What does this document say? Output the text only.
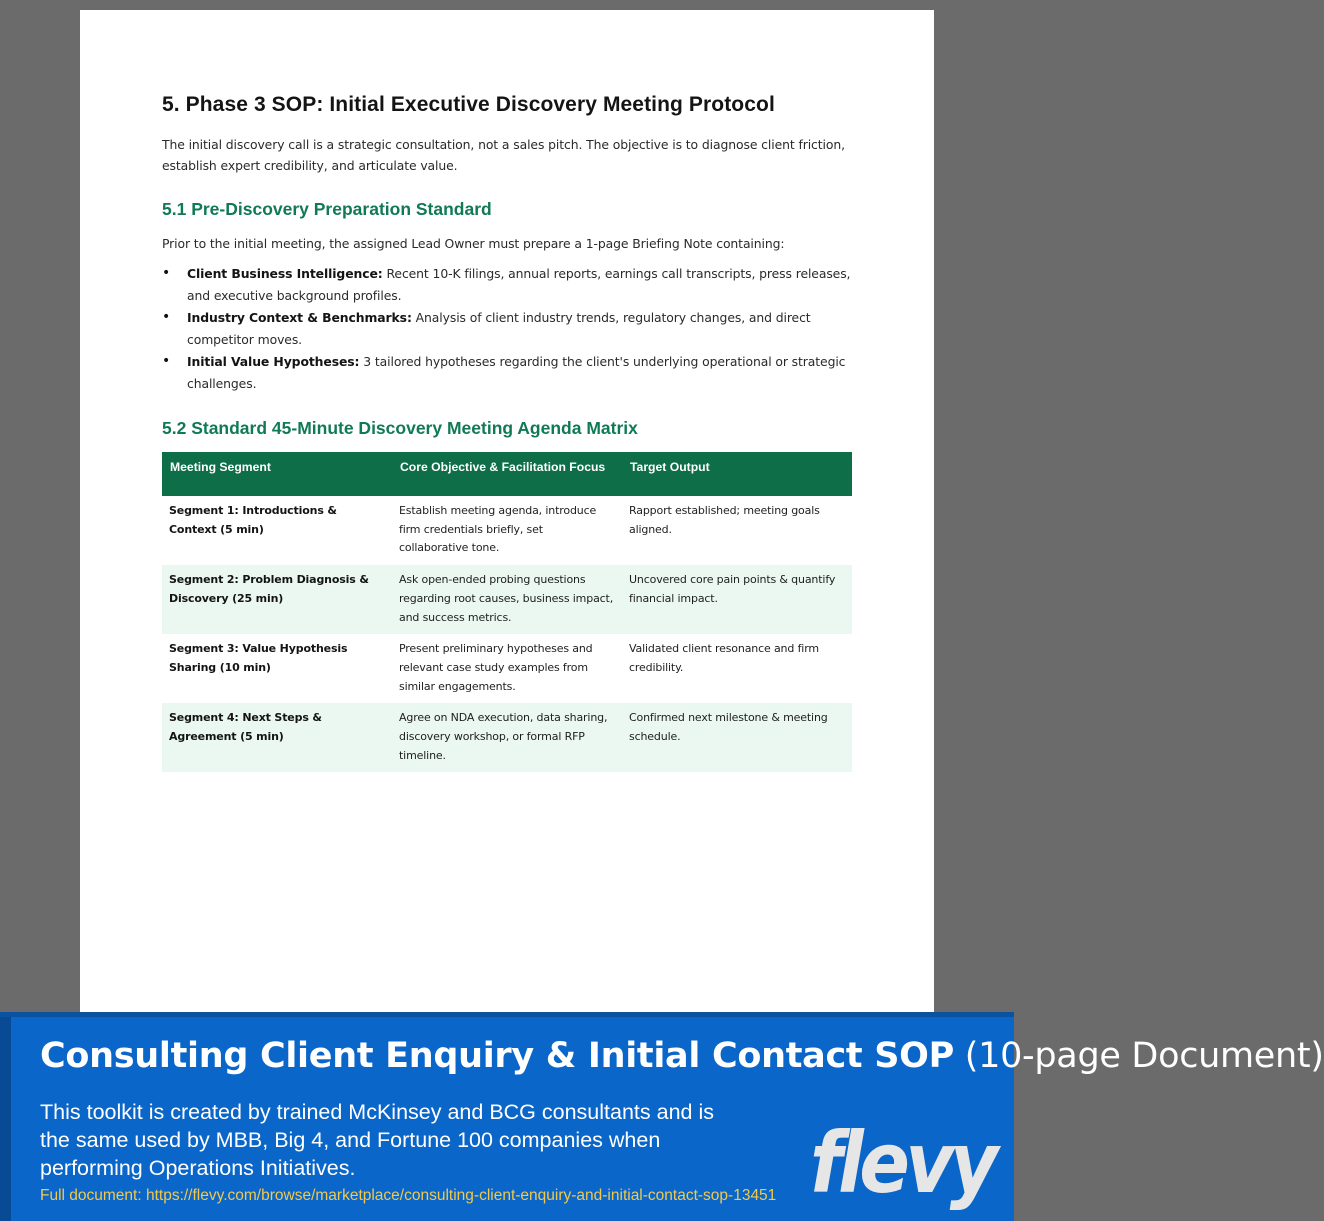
5. Phase 3 SOP: Initial Executive Discovery Meeting Protocol

The initial discovery call is a strategic consultation, not a sales pitch. The objective is to diagnose client friction, establish expert credibility, and articulate value.

5.1 Pre-Discovery Preparation Standard

Prior to the initial meeting, the assigned Lead Owner must prepare a 1-page Briefing Note containing:

• Client Business Intelligence: Recent 10-K filings, annual reports, earnings call transcripts, press releases, and executive background profiles.
• Industry Context & Benchmarks: Analysis of client industry trends, regulatory changes, and direct competitor moves.
• Initial Value Hypotheses: 3 tailored hypotheses regarding the client's underlying operational or strategic challenges.
5.2 Standard 45-Minute Discovery Meeting Agenda Matrix
Meeting Segment	Core Objective & Facilitation Focus	Target Output
Segment 1: Introductions & Context (5 min)	Establish meeting agenda, introduce firm credentials briefly, set collaborative tone.	Rapport established; meeting goals aligned.
Segment 2: Problem Diagnosis & Discovery (25 min)	Ask open-ended probing questions regarding root causes, business impact, and success metrics.	Uncovered core pain points & quantify financial impact.
Segment 3: Value Hypothesis Sharing (10 min)	Present preliminary hypotheses and relevant case study examples from similar engagements.	Validated client resonance and firm credibility.
Segment 4: Next Steps & Agreement (5 min)	Agree on NDA execution, data sharing, discovery workshop, or formal RFP timeline.	Confirmed next milestone & meeting schedule.
Consulting Client Enquiry & Initial Contact SOP (10-page Document)
This toolkit is created by trained McKinsey and BCG consultants and is the same used by MBB, Big 4, and Fortune 100 companies when performing Operations Initiatives.
Full document: https://flevy.com/browse/marketplace/consulting-client-enquiry-and-initial-contact-sop-13451 flevy
